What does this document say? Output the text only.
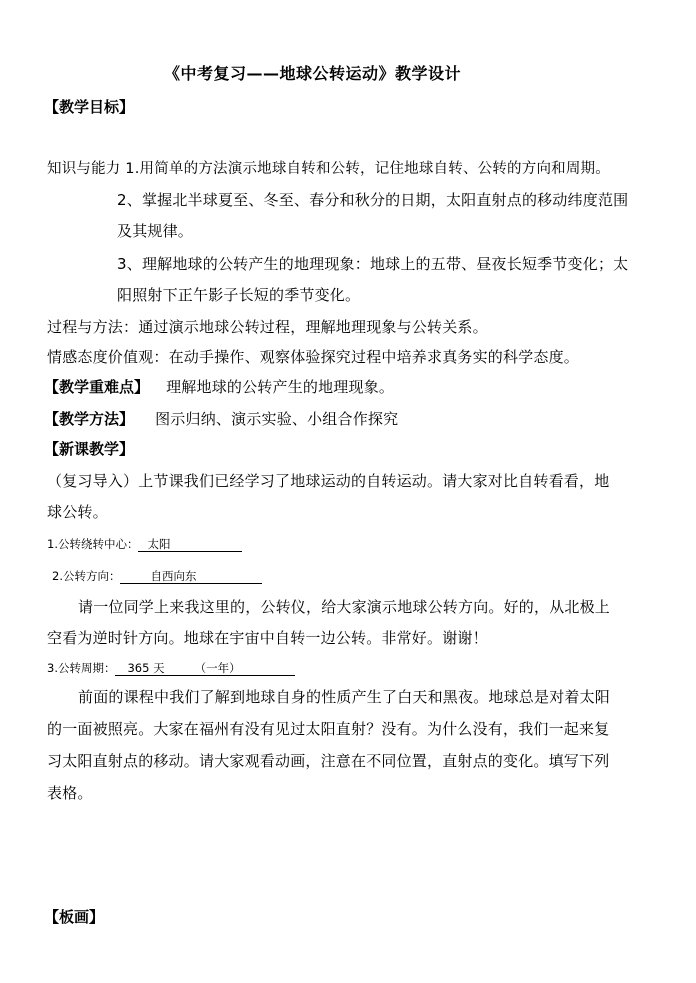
《中考复习——地球公转运动》教学设计
【教学目标】
知识与能力 1.用简单的方法演示地球自转和公转，记住地球自转、公转的方向和周期。
2、掌握北半球夏至、冬至、春分和秋分的日期，太阳直射点的移动纬度范围
及其规律。
3、理解地球的公转产生的地理现象：地球上的五带、昼夜长短季节变化；太
阳照射下正午影子长短的季节变化。
过程与方法：通过演示地球公转过程，理解地理现象与公转关系。
情感态度价值观：在动手操作、观察体验探究过程中培养求真务实的科学态度。
【教学重难点】 理解地球的公转产生的地理现象。
【教学方法】 图示归纳、演示实验、小组合作探究
【新课教学】
（复习导入）上节课我们已经学习了地球运动的自转运动。请大家对比自转看看，地
球公转。
1.公转绕转中心： 太阳
2.公转方向：	自西向东
请一位同学上来我这里的，公转仪，给大家演示地球公转方向。好的，从北极上
空看为逆时针方向。地球在宇宙中自转一边公转。非常好。谢谢！
3.公转周期： 365 天	（一年）
前面的课程中我们了解到地球自身的性质产生了白天和黑夜。地球总是对着太阳
的一面被照亮。大家在福州有没有见过太阳直射？没有。为什么没有，我们一起来复
习太阳直射点的移动。请大家观看动画，注意在不同位置，直射点的变化。填写下列
表格。
【板画】
